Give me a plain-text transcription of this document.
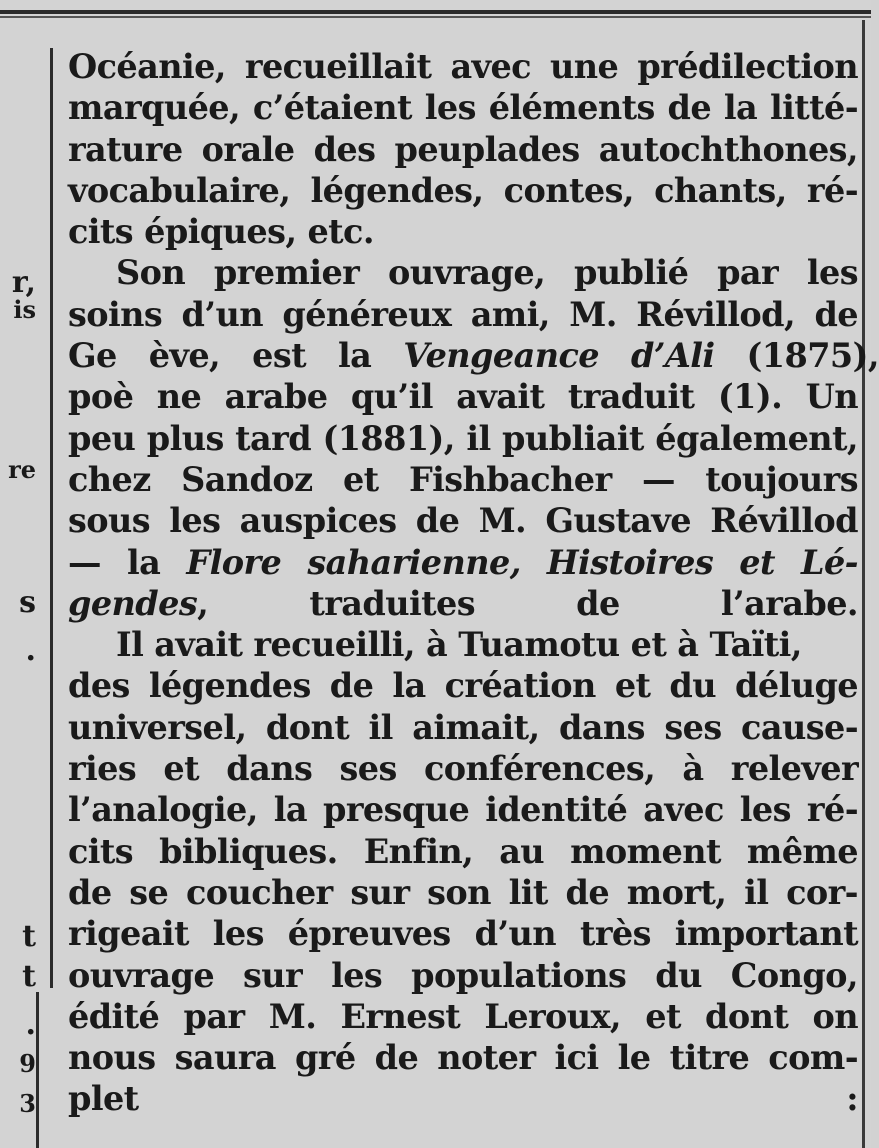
r,
is
re
s
.
t
t
.
9
3
Océanie, recueillait avec une prédilection
marquée, c’étaient les éléments de la litté-
rature orale des peuplades autochthones,
vocabulaire, légendes, contes, chants, ré-
cits épiques, etc.
Son premier ouvrage, publié par les
soins d’un généreux ami, M. Révillod, de
Ge ève, est la Vengeance d’Ali (1875),
poè ne arabe qu’il avait traduit (1). Un
peu plus tard (1881), il publiait également,
chez Sandoz et Fishbacher — toujours
sous les auspices de M. Gustave Révillod
— la Flore saharienne, Histoires et Lé-
gendes, traduites de l’arabe.
Il avait recueilli, à Tuamotu et à Taïti,
des légendes de la création et du déluge
universel, dont il aimait, dans ses cause-
ries et dans ses conférences, à relever
l’analogie, la presque identité avec les ré-
cits bibliques. Enfin, au moment même
de se coucher sur son lit de mort, il cor-
rigeait les épreuves d’un très important
ouvrage sur les populations du Congo,
édité par M. Ernest Leroux, et dont on
nous saura gré de noter ici le titre com-
plet :
